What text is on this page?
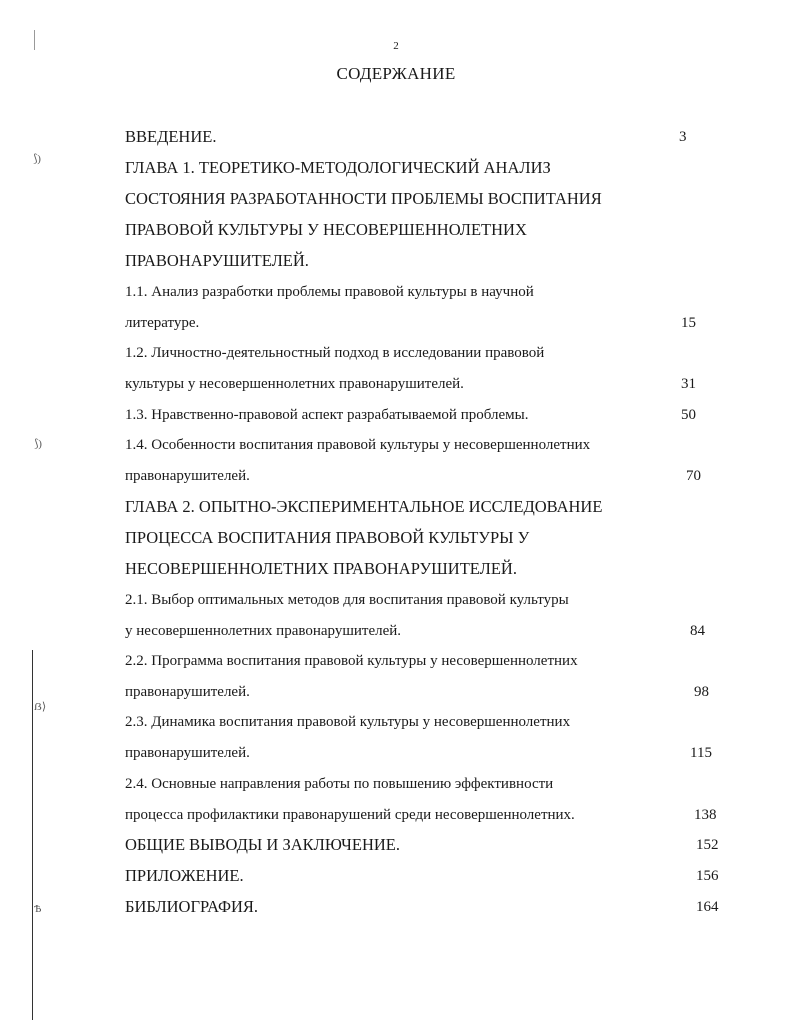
⟆)
⟆)
ẞ⟩
Ѣ
2
СОДЕРЖАНИЕ
ВВЕДЕНИЕ.	3
ГЛАВА 1. ТЕОРЕТИКО-МЕТОДОЛОГИЧЕСКИЙ АНАЛИЗ
СОСТОЯНИЯ РАЗРАБОТАННОСТИ ПРОБЛЕМЫ ВОСПИТАНИЯ
ПРАВОВОЙ КУЛЬТУРЫ У НЕСОВЕРШЕННОЛЕТНИХ
ПРАВОНАРУШИТЕЛЕЙ.
1.1. Анализ разработки проблемы правовой культуры в научной
литературе.	15
1.2. Личностно-деятельностный подход в исследовании правовой
культуры у несовершеннолетних правонарушителей.	31
1.3. Нравственно-правовой аспект разрабатываемой проблемы.	50
1.4. Особенности воспитания правовой культуры у несовершеннолетних
правонарушителей.	70
ГЛАВА 2. ОПЫТНО-ЭКСПЕРИМЕНТАЛЬНОЕ ИССЛЕДОВАНИЕ
ПРОЦЕССА ВОСПИТАНИЯ ПРАВОВОЙ КУЛЬТУРЫ У
НЕСОВЕРШЕННОЛЕТНИХ ПРАВОНАРУШИТЕЛЕЙ.
2.1. Выбор оптимальных методов для воспитания правовой культуры
у несовершеннолетних правонарушителей.	84
2.2. Программа воспитания правовой культуры у несовершеннолетних
правонарушителей.	98
2.3. Динамика воспитания правовой культуры у несовершеннолетних
правонарушителей.	115
2.4. Основные направления работы по повышению эффективности
процесса профилактики правонарушений среди несовершеннолетних.	138
ОБЩИЕ ВЫВОДЫ И ЗАКЛЮЧЕНИЕ.	152
ПРИЛОЖЕНИЕ.	156
БИБЛИОГРАФИЯ.	164
